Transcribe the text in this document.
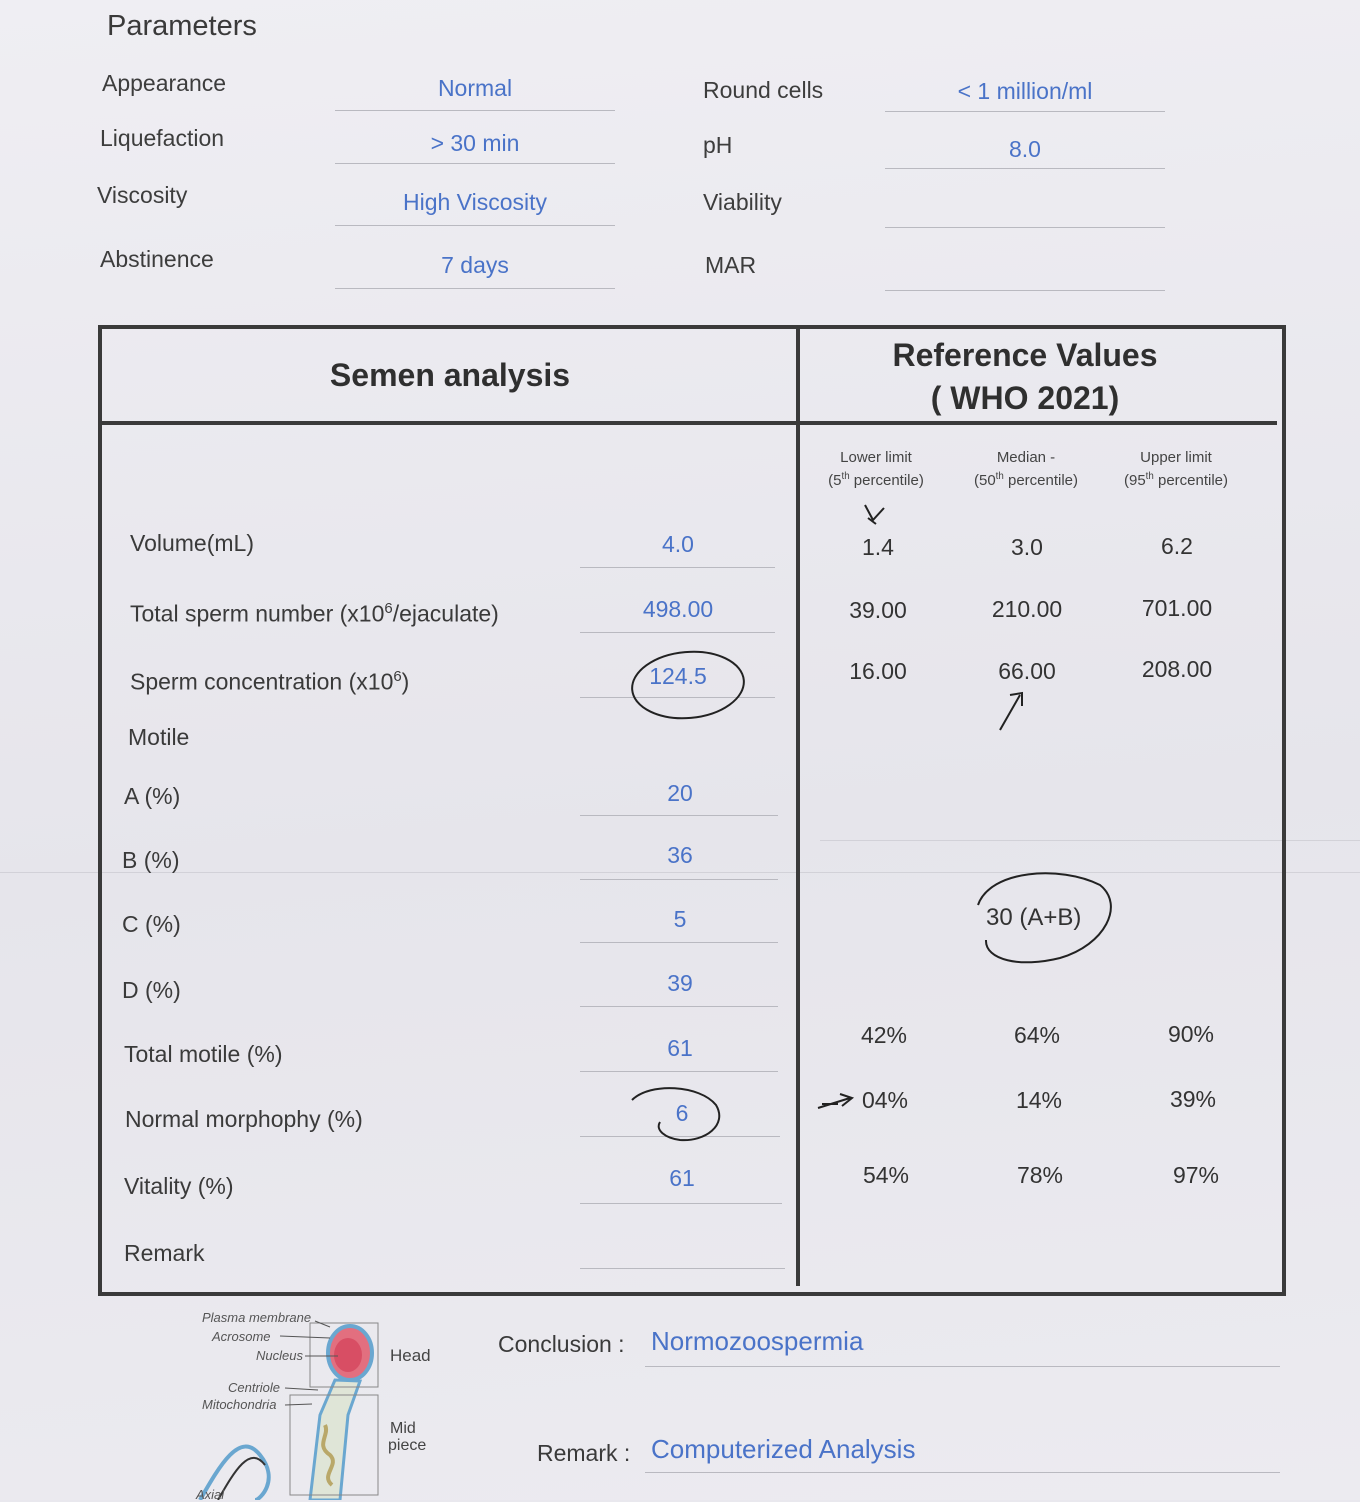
Parameters
Appearance	Normal
Liquefaction	> 30 min
Viscosity	High Viscosity
Abstinence	7 days
Round cells	< 1 million/ml
pH	8.0
Viability
MAR
Semen analysis
Reference Values
( WHO 2021)
Lower limit
(5th percentile)
Median -
(50th percentile)
Upper limit
(95th percentile)
Volume(mL)	4.0	1.4	3.0	6.2
Total sperm number $(x10^6/ejaculate)$	498.00	39.00	210.00	701.00
Sperm concentration $(x10^6)$	124.5	16.00	66.00	208.00
Motile
A (%)	20
B (%)	36
C (%)	5
D (%)	39
Total motile (%)	61	42%	64%	90%
Normal morphophy (%)	6	04%	14%	39%
Vitality (%)	61	54%	78%	97%
Remark
30 (A+B)
Plasma membrane
Acrosome
Nucleus
Centriole
Mitochondria
Axial
Head
Mid
piece
Conclusion : Normozoospermia
Remark : Computerized Analysis
